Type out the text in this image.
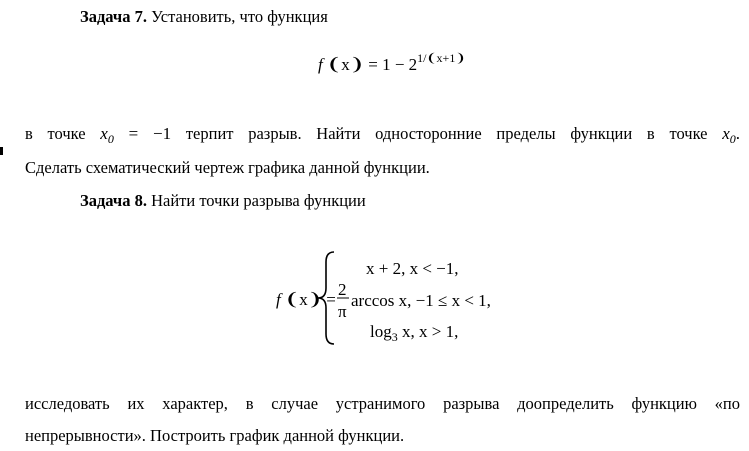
Задача 7. Установить, что функция
f ❨x❩ = $1 - 2^{1/❨x+1❩}$
в точке $x_0 = -1$ терпит разрыв. Найти односторонние пределы функции в точке $x_0$.
Сделать схематический чертеж графика данной функции.
Задача 8. Найти точки разрыва функции
f ❨x❩ =
x + 2, x < −1,
2
π
arccos x, −1 ≤ x < 1,
$\log_3 x$, x > 1,
исследовать их характер, в случае устранимого разрыва доопределить функцию «по
непрерывности». Построить график данной функции.
